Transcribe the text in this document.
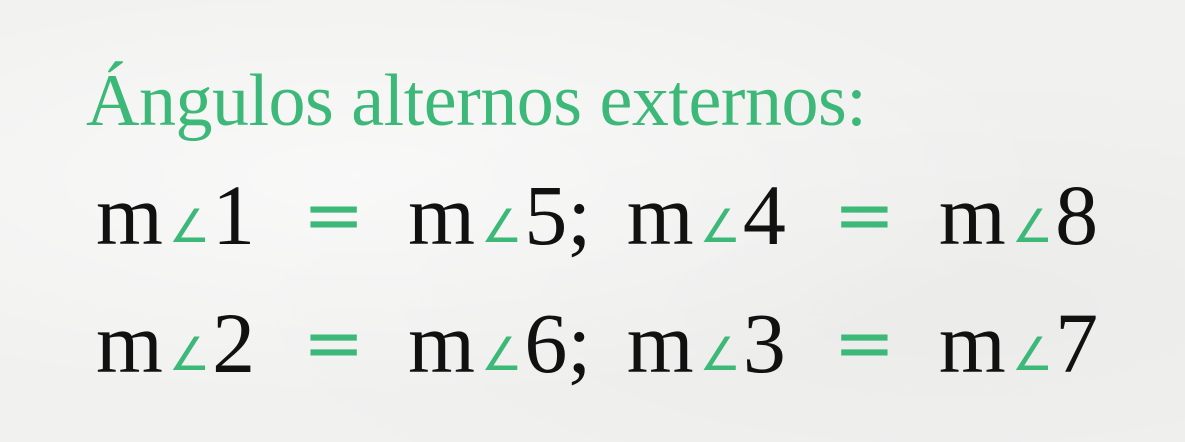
Ángulos alternos externos:
m ∠1 = m ∠5; m ∠4 = m ∠8
m ∠2 = m ∠6; m ∠3 = m ∠7
